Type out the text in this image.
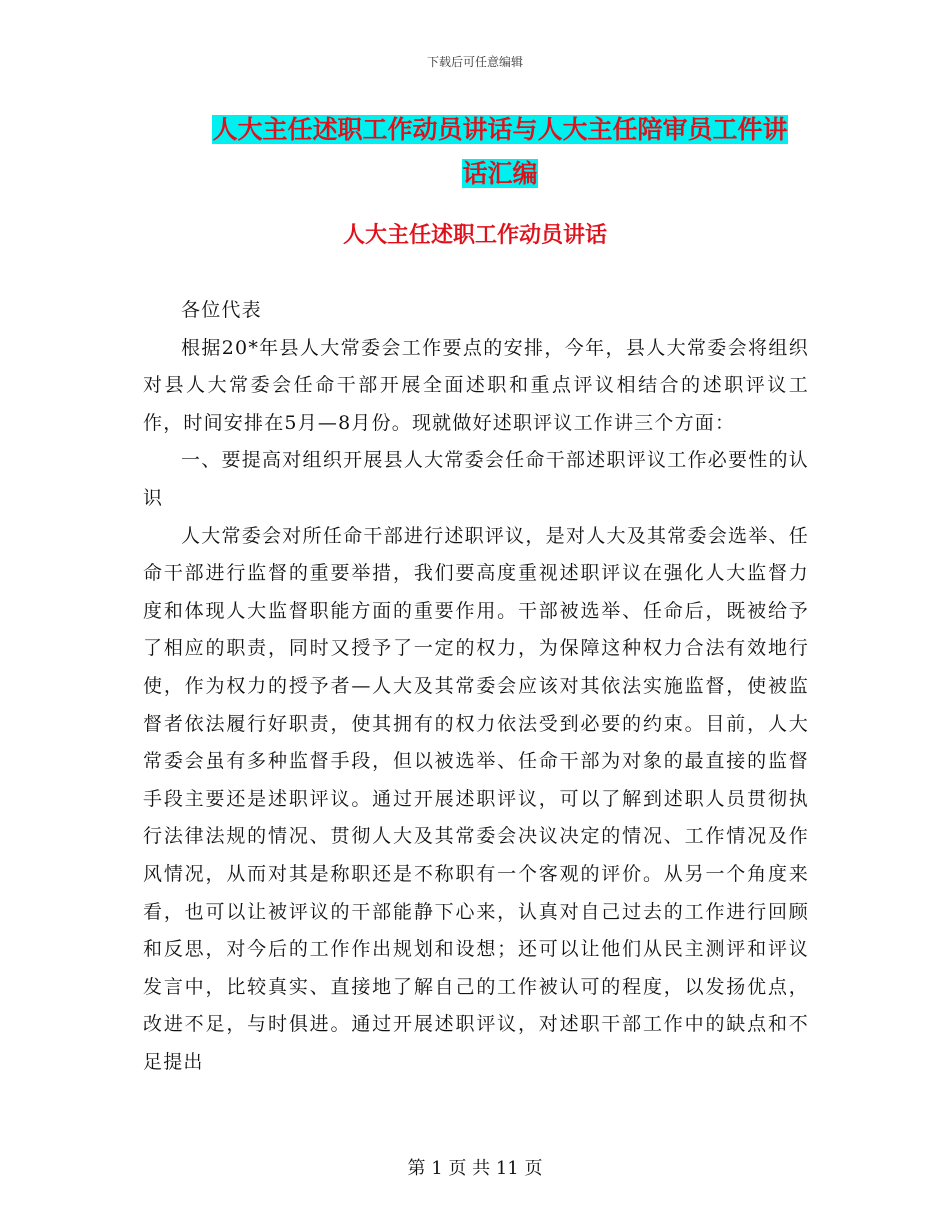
下载后可任意编辑
人大主任述职工作动员讲话与人大主任陪审员工件讲
话汇编
人大主任述职工作动员讲话

各位代表

根据20*年县人大常委会工作要点的安排，今年，县人大常委会将组织对县人大常委会任命干部开展全面述职和重点评议相结合的述职评议工作，时间安排在5月—8月份。现就做好述职评议工作讲三个方面：

一、要提高对组织开展县人大常委会任命干部述职评议工作必要性的认识

人大常委会对所任命干部进行述职评议，是对人大及其常委会选举、任命干部进行监督的重要举措，我们要高度重视述职评议在强化人大监督力度和体现人大监督职能方面的重要作用。干部被选举、任命后，既被给予了相应的职责，同时又授予了一定的权力，为保障这种权力合法有效地行使，作为权力的授予者—人大及其常委会应该对其依法实施监督，使被监督者依法履行好职责，使其拥有的权力依法受到必要的约束。目前，人大常委会虽有多种监督手段，但以被选举、任命干部为对象的最直接的监督手段主要还是述职评议。通过开展述职评议，可以了解到述职人员贯彻执行法律法规的情况、贯彻人大及其常委会决议决定的情况、工作情况及作风情况，从而对其是称职还是不称职有一个客观的评价。从另一个角度来看，也可以让被评议的干部能静下心来，认真对自己过去的工作进行回顾和反思，对今后的工作作出规划和设想；还可以让他们从民主测评和评议发言中，比较真实、直接地了解自己的工作被认可的程度，以发扬优点，改进不足，与时俱进。通过开展述职评议，对述职干部工作中的缺点和不足提出

第 1 页 共 11 页
